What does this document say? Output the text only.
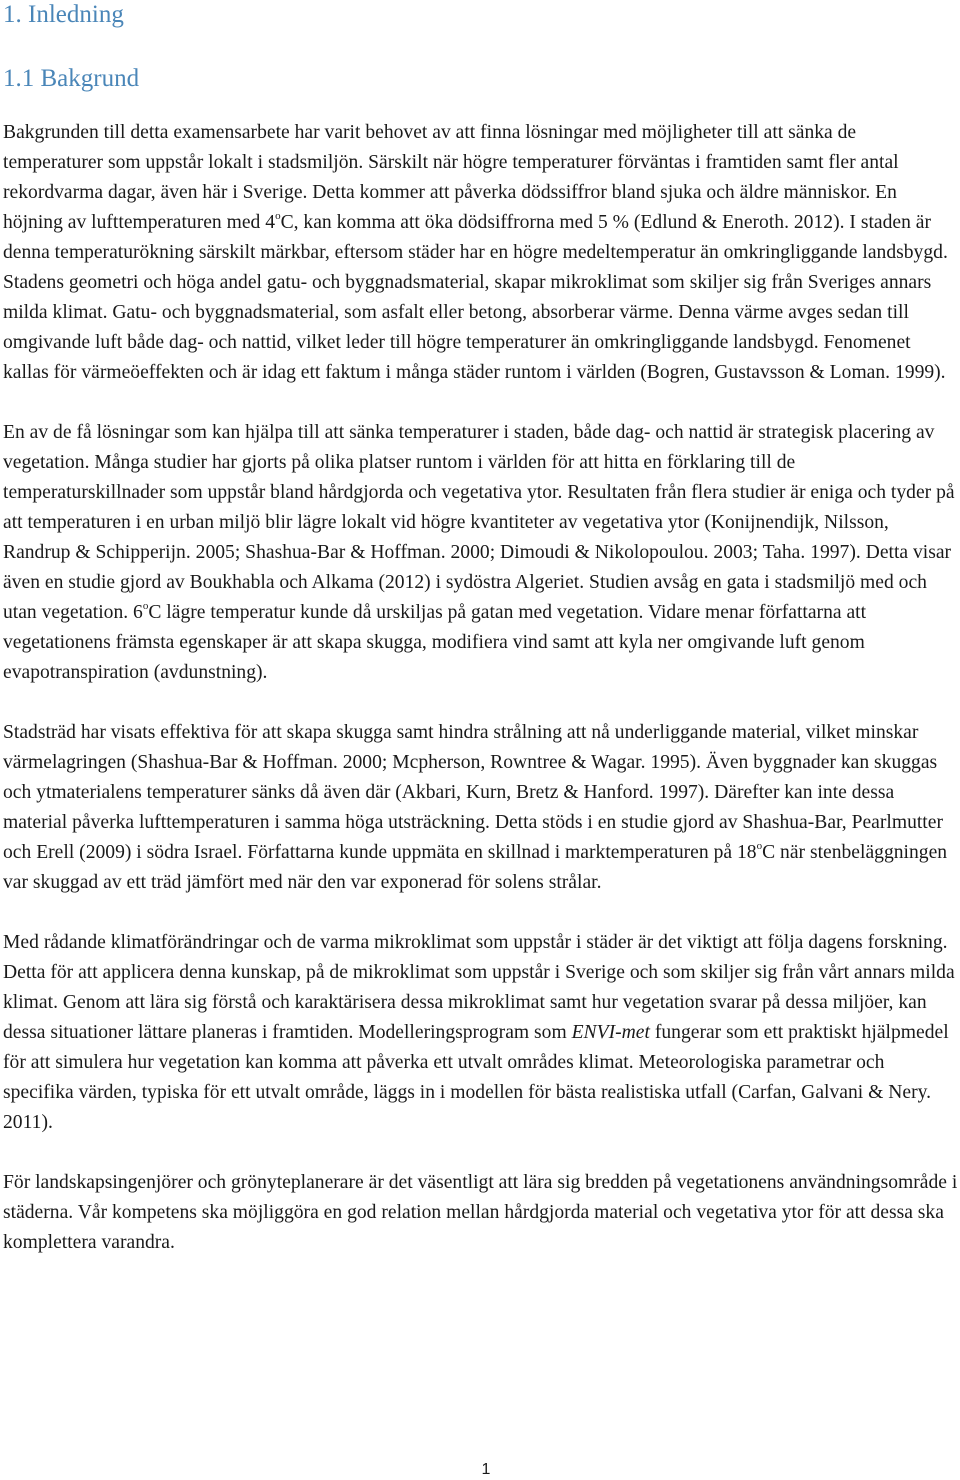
1. Inledning
1.1 Bakgrund

Bakgrunden till detta examensarbete har varit behovet av att finna lösningar med möjligheter till att sänka de temperaturer som uppstår lokalt i stadsmiljön. Särskilt när högre temperaturer förväntas i framtiden samt fler antal rekordvarma dagar, även här i Sverige. Detta kommer att påverka dödssiffror bland sjuka och äldre människor. En höjning av lufttemperaturen med 4$^o$C, kan komma att öka dödsiffrorna med 5 % (Edlund & Eneroth. 2012). I staden är denna temperaturökning särskilt märkbar, eftersom städer har en högre medeltemperatur än omkringliggande landsbygd. Stadens geometri och höga andel gatu- och byggnadsmaterial, skapar mikroklimat som skiljer sig från Sveriges annars milda klimat. Gatu- och byggnadsmaterial, som asfalt eller betong, absorberar värme. Denna värme avges sedan till omgivande luft både dag- och nattid, vilket leder till högre temperaturer än omkringliggande landsbygd. Fenomenet kallas för värmeöeffekten och är idag ett faktum i många städer runtom i världen (Bogren, Gustavsson & Loman. 1999).

En av de få lösningar som kan hjälpa till att sänka temperaturer i staden, både dag- och nattid är strategisk placering av vegetation. Många studier har gjorts på olika platser runtom i världen för att hitta en förklaring till de temperaturskillnader som uppstår bland hårdgjorda och vegetativa ytor. Resultaten från flera studier är eniga och tyder på att temperaturen i en urban miljö blir lägre lokalt vid högre kvantiteter av vegetativa ytor (Konijnendijk, Nilsson, Randrup & Schipperijn. 2005; Shashua-Bar & Hoffman. 2000; Dimoudi & Nikolopoulou. 2003; Taha. 1997). Detta visar även en studie gjord av Boukhabla och Alkama (2012) i sydöstra Algeriet. Studien avsåg en gata i stadsmiljö med och utan vegetation. 6$^o$C lägre temperatur kunde då urskiljas på gatan med vegetation. Vidare menar författarna att vegetationens främsta egenskaper är att skapa skugga, modifiera vind samt att kyla ner omgivande luft genom evapotranspiration (avdunstning).

Stadsträd har visats effektiva för att skapa skugga samt hindra strålning att nå underliggande material, vilket minskar värmelagringen (Shashua-Bar & Hoffman. 2000; Mcpherson, Rowntree & Wagar. 1995). Även byggnader kan skuggas och ytmaterialens temperaturer sänks då även där (Akbari, Kurn, Bretz & Hanford. 1997). Därefter kan inte dessa material påverka lufttemperaturen i samma höga utsträckning. Detta stöds i en studie gjord av Shashua-Bar, Pearlmutter och Erell (2009) i södra Israel. Författarna kunde uppmäta en skillnad i marktemperaturen på 18$^o$C när stenbeläggningen var skuggad av ett träd jämfört med när den var exponerad för solens strålar.

Med rådande klimatförändringar och de varma mikroklimat som uppstår i städer är det viktigt att följa dagens forskning. Detta för att applicera denna kunskap, på de mikroklimat som uppstår i Sverige och som skiljer sig från vårt annars milda klimat. Genom att lära sig förstå och karaktärisera dessa mikroklimat samt hur vegetation svarar på dessa miljöer, kan dessa situationer lättare planeras i framtiden. Modelleringsprogram som ENVI-met fungerar som ett praktiskt hjälpmedel för att simulera hur vegetation kan komma att påverka ett utvalt områdes klimat. Meteorologiska parametrar och specifika värden, typiska för ett utvalt område, läggs in i modellen för bästa realistiska utfall (Carfan, Galvani & Nery. 2011).

För landskapsingenjörer och grönyteplanerare är det väsentligt att lära sig bredden på vegetationens användningsområde i städerna. Vår kompetens ska möjliggöra en god relation mellan hårdgjorda material och vegetativa ytor för att dessa ska komplettera varandra.

1
